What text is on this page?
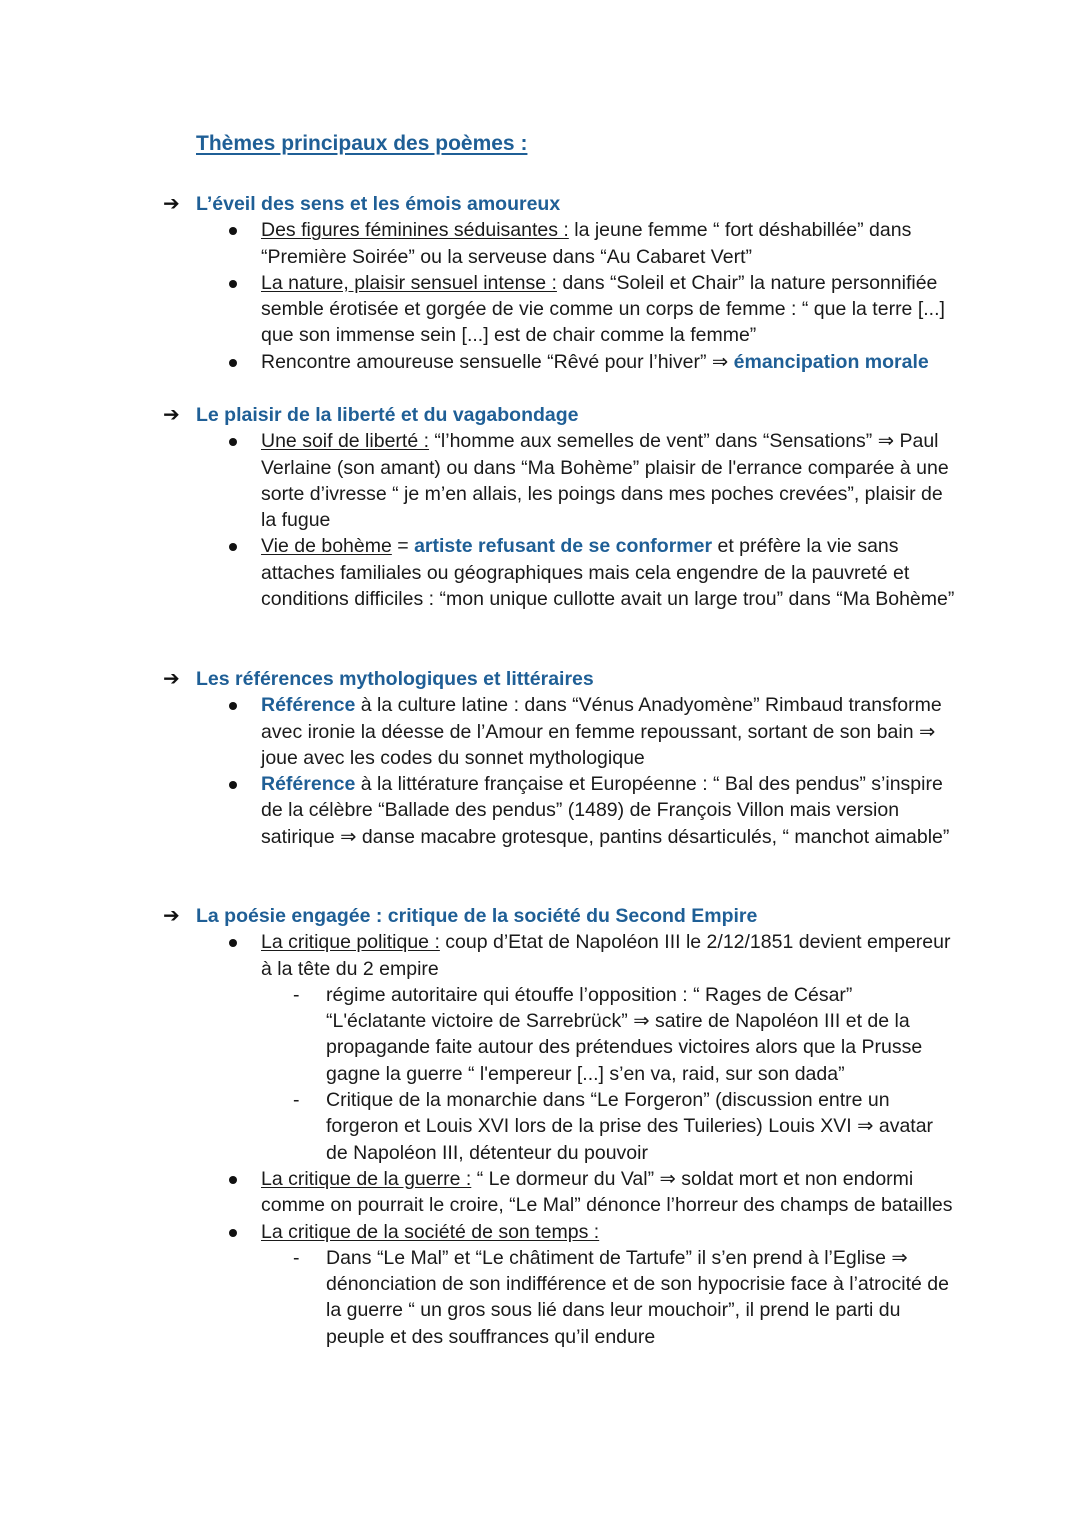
Thèmes principaux des poèmes :
➔ L’éveil des sens et les émois amoureux
Des figures féminines séduisantes : la jeune femme “ fort déshabillée” dans “Première Soirée” ou la serveuse dans “Au Cabaret Vert”
La nature, plaisir sensuel intense : dans “Soleil et Chair” la nature personnifiée semble érotisée et gorgée de vie comme un corps de femme : “ que la terre [...] que son immense sein [...] est de chair comme la femme”
Rencontre amoureuse sensuelle “Rêvé pour l’hiver” ⇒ émancipation morale
➔ Le plaisir de la liberté et du vagabondage
Une soif de liberté : “l’homme aux semelles de vent” dans “Sensations” ⇒ Paul Verlaine (son amant) ou dans “Ma Bohème” plaisir de l'errance comparée à une sorte d’ivresse “ je m’en allais, les poings dans mes poches crevées”, plaisir de la fugue
Vie de bohème = artiste refusant de se conformer et préfère la vie sans attaches familiales ou géographiques mais cela engendre de la pauvreté et conditions difficiles : “mon unique cullotte avait un large trou” dans “Ma Bohème”
➔ Les références mythologiques et littéraires
Référence à la culture latine : dans “Vénus Anadyomène” Rimbaud transforme avec ironie la déesse de l’Amour en femme repoussant, sortant de son bain ⇒ joue avec les codes du sonnet mythologique
Référence à la littérature française et Européenne : “ Bal des pendus” s’inspire de la célèbre “Ballade des pendus” (1489) de François Villon mais version satirique ⇒ danse macabre grotesque, pantins désarticulés, “ manchot aimable”
➔ La poésie engagée : critique de la société du Second Empire
La critique politique : coup d’Etat de Napoléon III le 2/12/1851 devient empereur à la tête du 2 empire
- régime autoritaire qui étouffe l’opposition : “ Rages de César” “L'éclatante victoire de Sarrebrück” ⇒ satire de Napoléon III et de la propagande faite autour des prétendues victoires alors que la Prusse gagne la guerre “ l'empereur [...] s’en va, raid, sur son dada”
- Critique de la monarchie dans “Le Forgeron” (discussion entre un forgeron et Louis XVI lors de la prise des Tuileries) Louis XVI ⇒ avatar de Napoléon III, détenteur du pouvoir
La critique de la guerre : “ Le dormeur du Val” ⇒ soldat mort et non endormi comme on pourrait le croire, “Le Mal” dénonce l’horreur des champs de batailles
La critique de la société de son temps :
- Dans “Le Mal” et “Le châtiment de Tartufe” il s’en prend à l’Eglise ⇒ dénonciation de son indifférence et de son hypocrisie face à l’atrocité de la guerre “ un gros sous lié dans leur mouchoir”, il prend le parti du peuple et des souffrances qu’il endure
